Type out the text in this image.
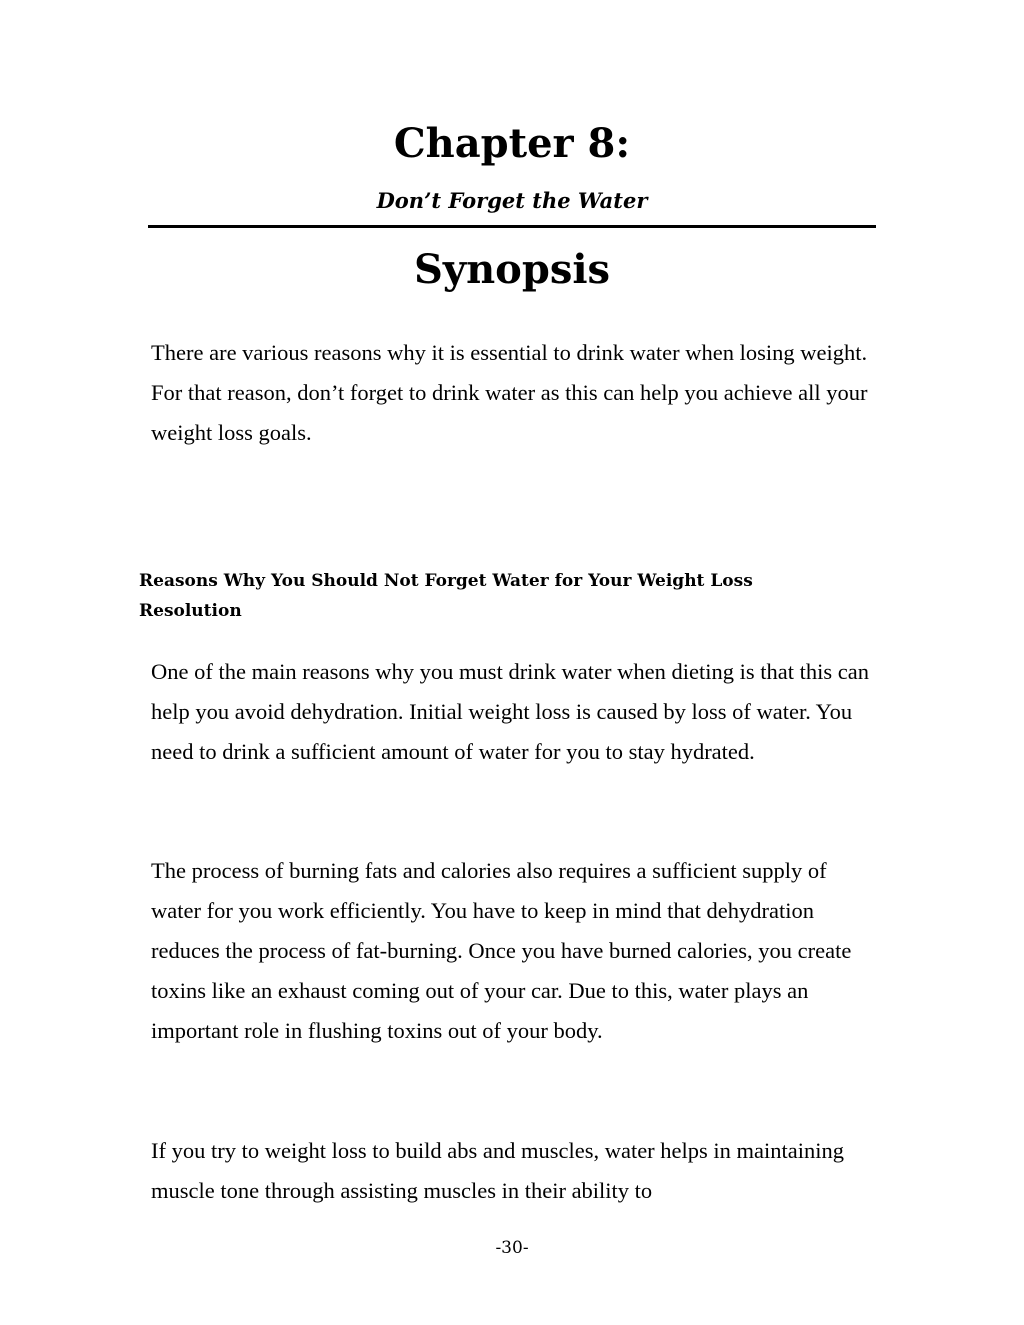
Chapter 8:
Don’t Forget the Water
Synopsis

There are various reasons why it is essential to drink water when losing weight. For that reason, don’t forget to drink water as this can help you achieve all your weight loss goals.

Reasons Why You Should Not Forget Water for Your Weight Loss Resolution

One of the main reasons why you must drink water when dieting is that this can help you avoid dehydration. Initial weight loss is caused by loss of water. You need to drink a sufficient amount of water for you to stay hydrated.

The process of burning fats and calories also requires a sufficient supply of water for you work efficiently. You have to keep in mind that dehydration reduces the process of fat-burning. Once you have burned calories, you create toxins like an exhaust coming out of your car. Due to this, water plays an important role in flushing toxins out of your body.

If you try to weight loss to build abs and muscles, water helps in maintaining muscle tone through assisting muscles in their ability to

-30-
